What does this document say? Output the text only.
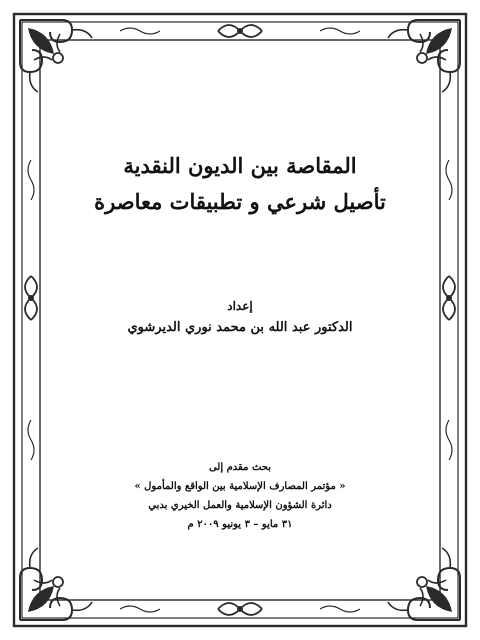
المقاصة بين الديون النقدية
تأصيل شرعي و تطبيقات معاصرة
إعداد
الدكتور عبد الله بن محمد نوري الديرشوي
بحث مقدم إلى
« مؤتمر المصارف الإسلامية بين الواقع والمأمول »
دائرة الشؤون الإسلامية والعمل الخيري بدبي
٣١ مايو – ٣ يونيو ٢٠٠٩ م
